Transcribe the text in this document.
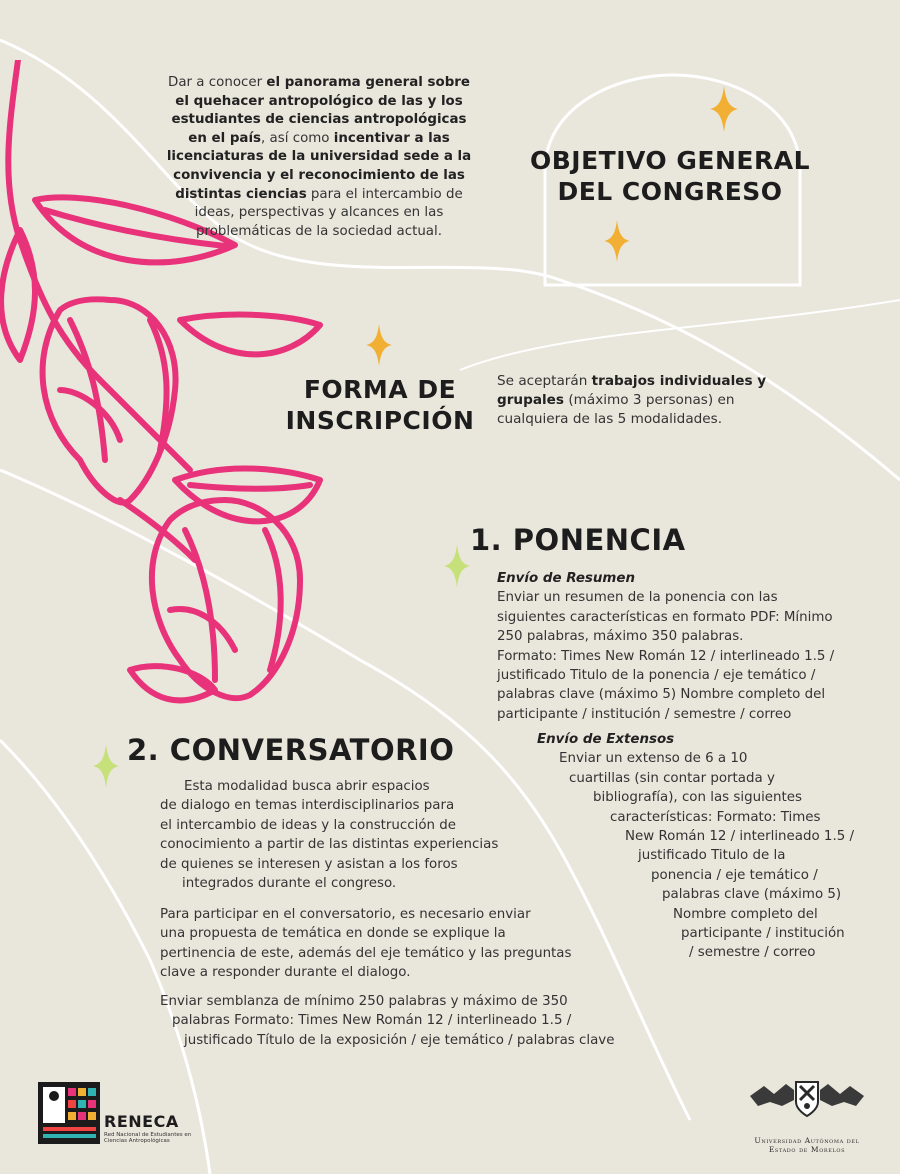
Dar a conocer el panorama general sobre el quehacer antropológico de las y los estudiantes de ciencias antropológicas en el país, así como incentivar a las licenciaturas de la universidad sede a la convivencia y el reconocimiento de las distintas ciencias para el intercambio de ideas, perspectivas y alcances en las problemáticas de la sociedad actual.
OBJETIVO GENERAL
DEL CONGRESO
FORMA DE
INSCRIPCIÓN
Se aceptarán trabajos individuales y grupales (máximo 3 personas) en cualquiera de las 5 modalidades.
1. PONENCIA
Envío de Resumen
Enviar un resumen de la ponencia con las
siguientes características en formato PDF: Mínimo
250 palabras, máximo 350 palabras.
Formato: Times New Román 12 / interlineado 1.5 /
justificado Titulo de la ponencia / eje temático /
palabras clave (máximo 5) Nombre completo del
participante / institución / semestre / correo
Envío de Extensos
Enviar un extenso de 6 a 10
cuartillas (sin contar portada y
bibliografía), con las siguientes
características: Formato: Times
New Román 12 / interlineado 1.5 /
justificado Titulo de la
ponencia / eje temático /
palabras clave (máximo 5)
Nombre completo del
participante / institución
/ semestre / correo
2. CONVERSATORIO
Esta modalidad busca abrir espacios
de dialogo en temas interdisciplinarios para
el intercambio de ideas y la construcción de
conocimiento a partir de las distintas experiencias
de quienes se interesen y asistan a los foros
integrados durante el congreso.
Para participar en el conversatorio, es necesario enviar
una propuesta de temática en donde se explique la
pertinencia de este, además del eje temático y las preguntas
clave a responder durante el dialogo.
Enviar semblanza de mínimo 250 palabras y máximo de 350
palabras Formato: Times New Román 12 / interlineado 1.5 /
justificado Título de la exposición / eje temático / palabras clave
RENECA
Red Nacional de Estudiantes en Ciencias Antropológicas	Universidad Autónoma del
Estado de Morelos
